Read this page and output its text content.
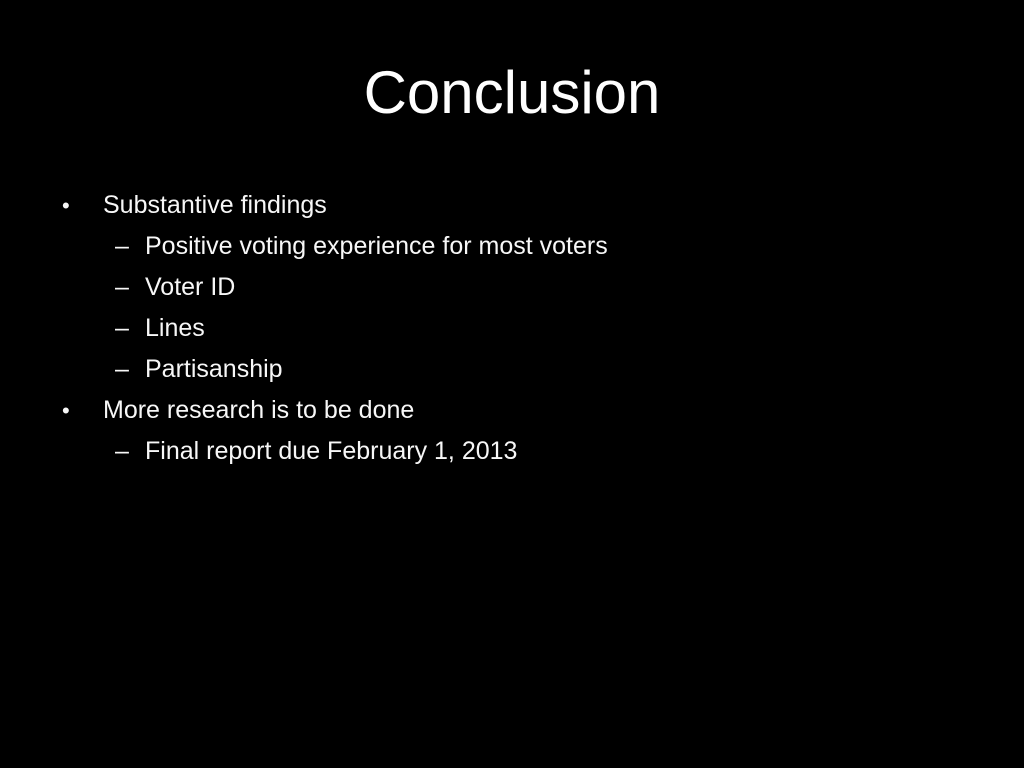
Conclusion
•	Substantive findings
– Positive voting experience for most voters
– Voter ID
– Lines
– Partisanship
•	More research is to be done
– Final report due February 1, 2013
